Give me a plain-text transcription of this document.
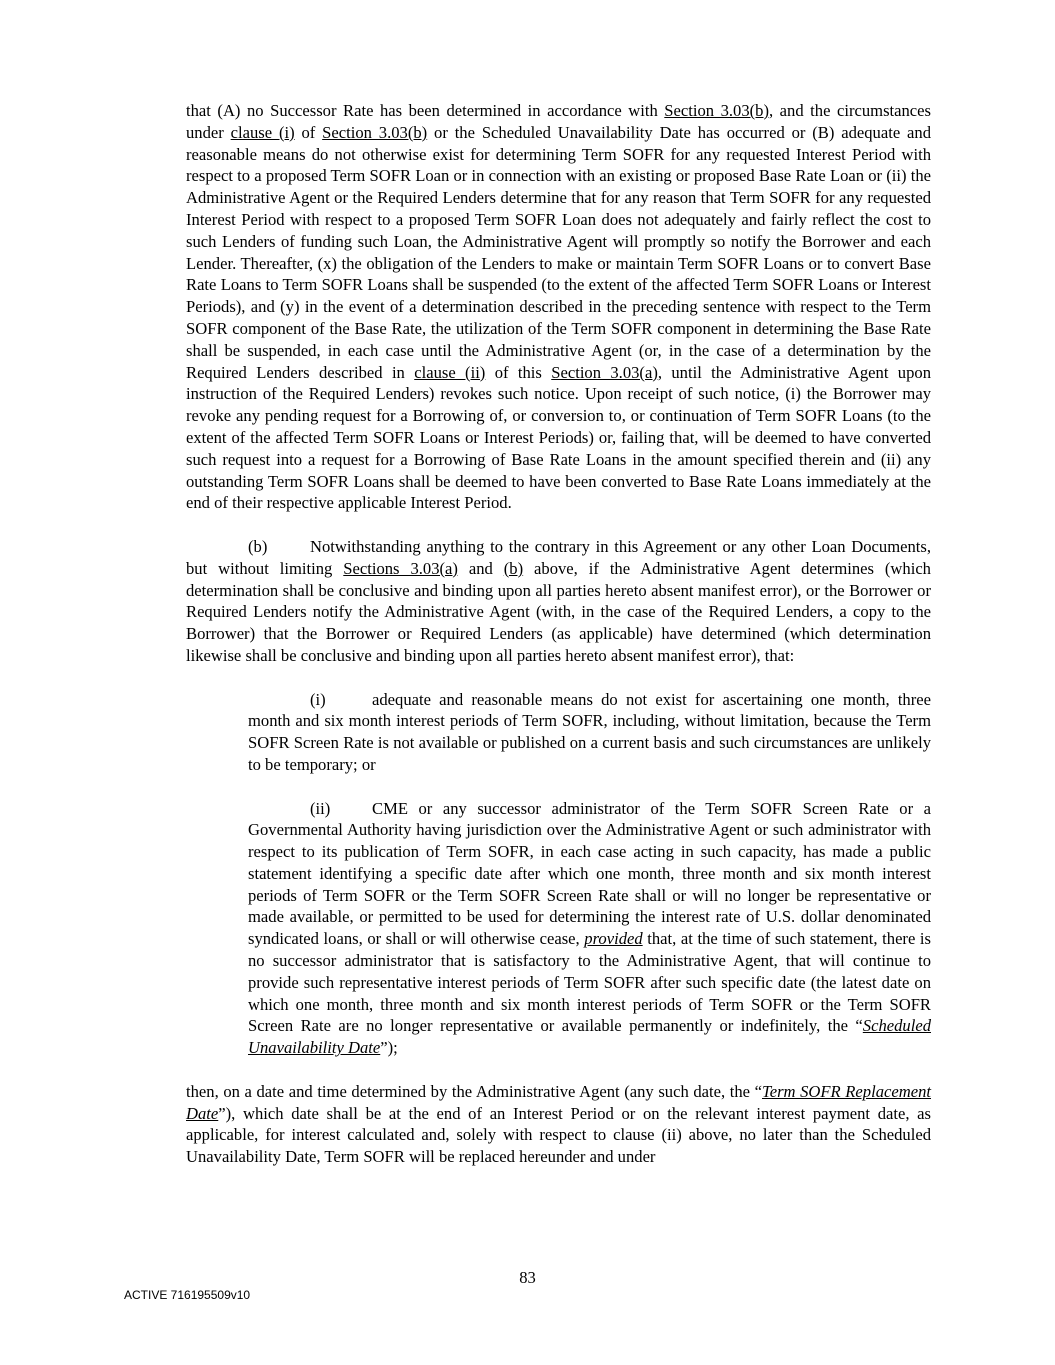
that (A) no Successor Rate has been determined in accordance with Section 3.03(b), and the circumstances under clause (i) of Section 3.03(b) or the Scheduled Unavailability Date has occurred or (B) adequate and reasonable means do not otherwise exist for determining Term SOFR for any requested Interest Period with respect to a proposed Term SOFR Loan or in connection with an existing or proposed Base Rate Loan or (ii) the Administrative Agent or the Required Lenders determine that for any reason that Term SOFR for any requested Interest Period with respect to a proposed Term SOFR Loan does not adequately and fairly reflect the cost to such Lenders of funding such Loan, the Administrative Agent will promptly so notify the Borrower and each Lender. Thereafter, (x) the obligation of the Lenders to make or maintain Term SOFR Loans or to convert Base Rate Loans to Term SOFR Loans shall be suspended (to the extent of the affected Term SOFR Loans or Interest Periods), and (y) in the event of a determination described in the preceding sentence with respect to the Term SOFR component of the Base Rate, the utilization of the Term SOFR component in determining the Base Rate shall be suspended, in each case until the Administrative Agent (or, in the case of a determination by the Required Lenders described in clause (ii) of this Section 3.03(a), until the Administrative Agent upon instruction of the Required Lenders) revokes such notice. Upon receipt of such notice, (i) the Borrower may revoke any pending request for a Borrowing of, or conversion to, or continuation of Term SOFR Loans (to the extent of the affected Term SOFR Loans or Interest Periods) or, failing that, will be deemed to have converted such request into a request for a Borrowing of Base Rate Loans in the amount specified therein and (ii) any outstanding Term SOFR Loans shall be deemed to have been converted to Base Rate Loans immediately at the end of their respective applicable Interest Period.

(b)	Notwithstanding anything to the contrary in this Agreement or any other Loan Documents, but without limiting Sections 3.03(a) and (b) above, if the Administrative Agent determines (which determination shall be conclusive and binding upon all parties hereto absent manifest error), or the Borrower or Required Lenders notify the Administrative Agent (with, in the case of the Required Lenders, a copy to the Borrower) that the Borrower or Required Lenders (as applicable) have determined (which determination likewise shall be conclusive and binding upon all parties hereto absent manifest error), that:

(i)	adequate and reasonable means do not exist for ascertaining one month, three month and six month interest periods of Term SOFR, including, without limitation, because the Term SOFR Screen Rate is not available or published on a current basis and such circumstances are unlikely to be temporary; or

(ii)	CME or any successor administrator of the Term SOFR Screen Rate or a Governmental Authority having jurisdiction over the Administrative Agent or such administrator with respect to its publication of Term SOFR, in each case acting in such capacity, has made a public statement identifying a specific date after which one month, three month and six month interest periods of Term SOFR or the Term SOFR Screen Rate shall or will no longer be representative or made available, or permitted to be used for determining the interest rate of U.S. dollar denominated syndicated loans, or shall or will otherwise cease, provided that, at the time of such statement, there is no successor administrator that is satisfactory to the Administrative Agent, that will continue to provide such representative interest periods of Term SOFR after such specific date (the latest date on which one month, three month and six month interest periods of Term SOFR or the Term SOFR Screen Rate are no longer representative or available permanently or indefinitely, the “Scheduled Unavailability Date”);

then, on a date and time determined by the Administrative Agent (any such date, the “Term SOFR Replacement Date”), which date shall be at the end of an Interest Period or on the relevant interest payment date, as applicable, for interest calculated and, solely with respect to clause (ii) above, no later than the Scheduled Unavailability Date, Term SOFR will be replaced hereunder and under

83
ACTIVE 716195509v10
